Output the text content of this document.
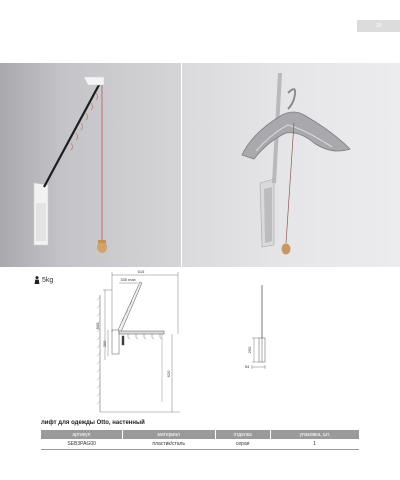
19
5kg
615
335 max
800
250
620
250
54
лифт для одежды Otto, настенный
артикул	материал	отделка	упаковка, шт.
SEB3PAG00	пластик/сталь	серая	1
